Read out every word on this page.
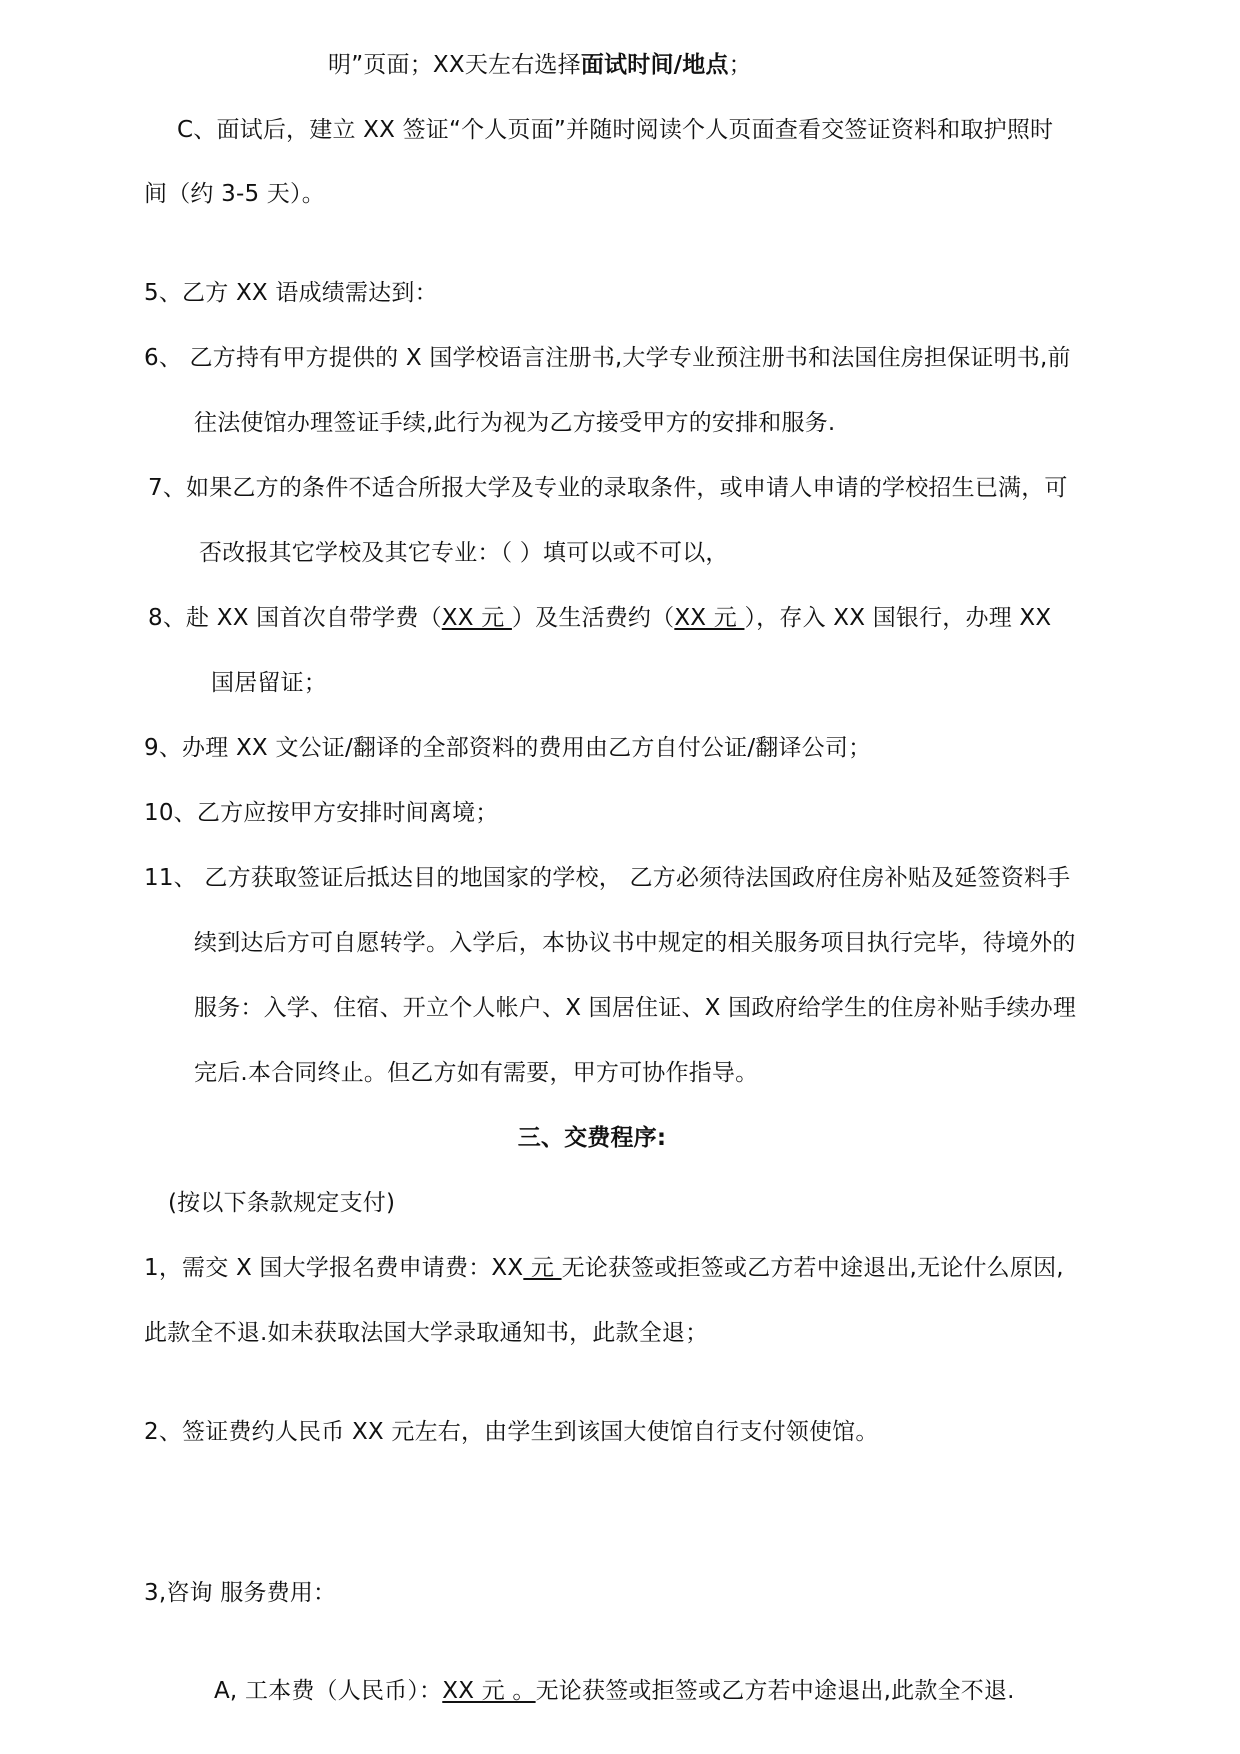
明”页面；XX天左右选择面试时间/地点；
C、面试后，建立 XX 签证“个人页面”并随时阅读个人页面查看交签证资料和取护照时
间（约 3-5 天）。
5、乙方 XX 语成绩需达到：
6、 乙方持有甲方提供的 X 国学校语言注册书,大学专业预注册书和法国住房担保证明书,前
往法使馆办理签证手续,此行为视为乙方接受甲方的安排和服务.
7、如果乙方的条件不适合所报大学及专业的录取条件，或申请人申请的学校招生已满，可
否改报其它学校及其它专业：（ ）填可以或不可以，
8、赴 XX 国首次自带学费（XX 元 ）及生活费约（XX 元 ），存入 XX 国银行，办理 XX
国居留证；
9、办理 XX 文公证/翻译的全部资料的费用由乙方自付公证/翻译公司；
10、乙方应按甲方安排时间离境；
11、 乙方获取签证后抵达目的地国家的学校， 乙方必须待法国政府住房补贴及延签资料手
续到达后方可自愿转学。入学后，本协议书中规定的相关服务项目执行完毕，待境外的
服务：入学、住宿、开立个人帐户、X 国居住证、X 国政府给学生的住房补贴手续办理
完后.本合同终止。但乙方如有需要，甲方可协作指导。
三、交费程序:
(按以下条款规定支付)
1，需交 X 国大学报名费申请费：XX 元 无论获签或拒签或乙方若中途退出,无论什么原因,
此款全不退.如未获取法国大学录取通知书，此款全退；
2、签证费约人民币 XX 元左右，由学生到该国大使馆自行支付领使馆。
3,咨询 服务费用：
A, 工本费（人民币）：XX 元 。无论获签或拒签或乙方若中途退出,此款全不退.
